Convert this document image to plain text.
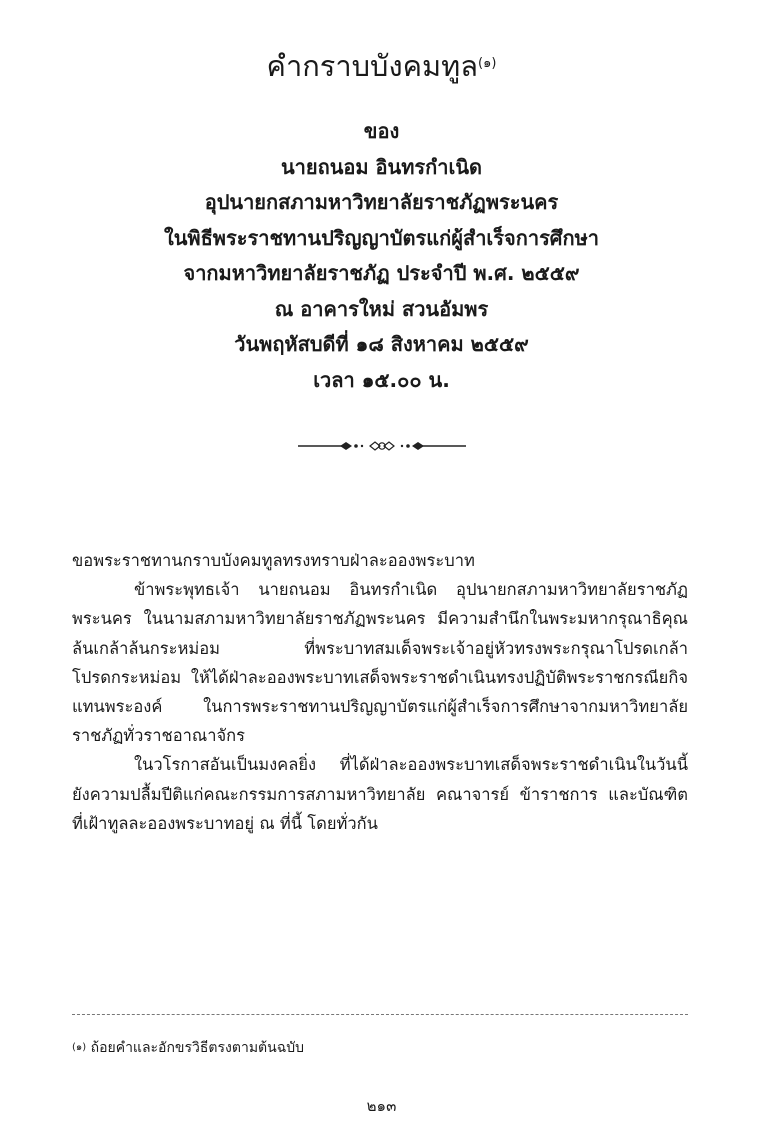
คำกราบบังคมทูล$^{(๑)}$
ของ
นายถนอม อินทรกำเนิด
อุปนายกสภามหาวิทยาลัยราชภัฏพระนคร
ในพิธีพระราชทานปริญญาบัตรแก่ผู้สำเร็จการศึกษา
จากมหาวิทยาลัยราชภัฏ ประจำปี พ.ศ. ๒๕๕๙
ณ อาคารใหม่ สวนอัมพร
วันพฤหัสบดีที่ ๑๘ สิงหาคม ๒๕๕๙
เวลา ๑๕.๐๐ น.
ขอพระราชทานกราบบังคมทูลทรงทราบฝ่าละอองพระบาท
ข้าพระพุทธเจ้า นายถนอม อินทรกำเนิด อุปนายกสภามหาวิทยาลัยราชภัฏ
พระนคร ในนามสภามหาวิทยาลัยราชภัฏพระนคร มีความสำนึกในพระมหากรุณาธิคุณ
ล้นเกล้าล้นกระหม่อม ที่พระบาทสมเด็จพระเจ้าอยู่หัวทรงพระกรุณาโปรดเกล้า
โปรดกระหม่อม ให้ได้ฝ่าละอองพระบาทเสด็จพระราชดำเนินทรงปฏิบัติพระราชกรณียกิจ
แทนพระองค์ ในการพระราชทานปริญญาบัตรแก่ผู้สำเร็จการศึกษาจากมหาวิทยาลัย
ราชภัฏทั่วราชอาณาจักร
ในวโรกาสอันเป็นมงคลยิ่ง ที่ได้ฝ่าละอองพระบาทเสด็จพระราชดำเนินในวันนี้
ยังความปลื้มปีติแก่คณะกรรมการสภามหาวิทยาลัย คณาจารย์ ข้าราชการ และบัณฑิต
ที่เฝ้าทูลละอองพระบาทอยู่ ณ ที่นี้ โดยทั่วกัน
$^{(๑)}$ ถ้อยคำและอักขรวิธีตรงตามต้นฉบับ
๒๑๓
